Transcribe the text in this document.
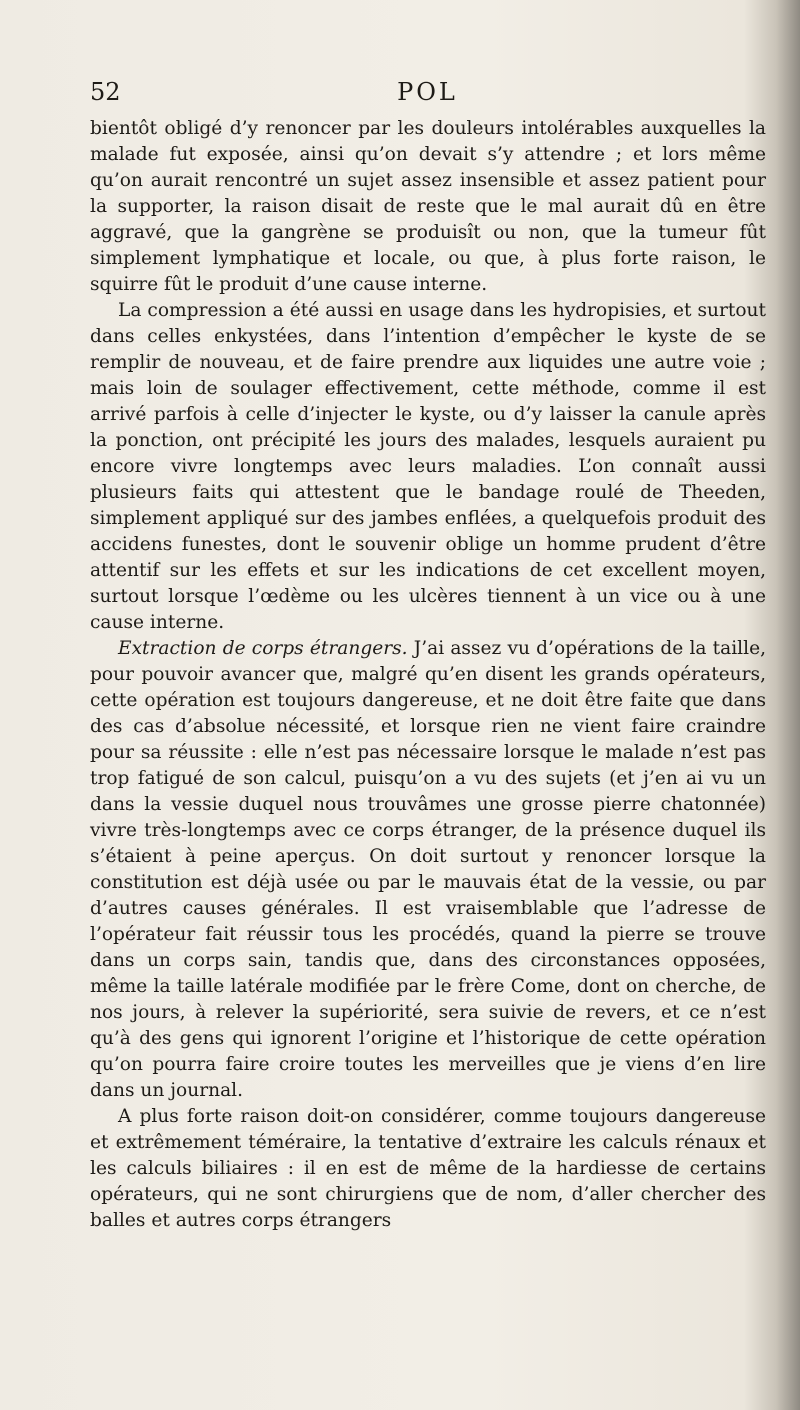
52	POL

bientôt obligé d’y renoncer par les douleurs intolérables auxquelles la malade fut exposée, ainsi qu’on devait s’y attendre ; et lors même qu’on aurait rencontré un sujet assez insensible et assez patient pour la supporter, la raison disait de reste que le mal aurait dû en être aggravé, que la gangrène se produisît ou non, que la tumeur fût simplement lymphatique et locale, ou que, à plus forte raison, le squirre fût le produit d’une cause interne.

La compression a été aussi en usage dans les hydropisies, et surtout dans celles enkystées, dans l’intention d’empêcher le kyste de se remplir de nouveau, et de faire prendre aux liquides une autre voie ; mais loin de soulager effectivement, cette méthode, comme il est arrivé parfois à celle d’injecter le kyste, ou d’y laisser la canule après la ponction, ont précipité les jours des malades, lesquels auraient pu encore vivre longtemps avec leurs maladies. L’on connaît aussi plusieurs faits qui attestent que le bandage roulé de Theeden, simplement appliqué sur des jambes enflées, a quelquefois produit des accidens funestes, dont le souvenir oblige un homme prudent d’être attentif sur les effets et sur les indications de cet excellent moyen, surtout lorsque l’œdème ou les ulcères tiennent à un vice ou à une cause interne.

Extraction de corps étrangers. J’ai assez vu d’opérations de la taille, pour pouvoir avancer que, malgré qu’en disent les grands opérateurs, cette opération est toujours dangereuse, et ne doit être faite que dans des cas d’absolue nécessité, et lorsque rien ne vient faire craindre pour sa réussite : elle n’est pas nécessaire lorsque le malade n’est pas trop fatigué de son calcul, puisqu’on a vu des sujets (et j’en ai vu un dans la vessie duquel nous trouvâmes une grosse pierre chatonnée) vivre très-longtemps avec ce corps étranger, de la présence duquel ils s’étaient à peine aperçus. On doit surtout y renoncer lorsque la constitution est déjà usée ou par le mauvais état de la vessie, ou par d’autres causes générales. Il est vraisemblable que l’adresse de l’opérateur fait réussir tous les procédés, quand la pierre se trouve dans un corps sain, tandis que, dans des circonstances opposées, même la taille latérale modifiée par le frère Come, dont on cherche, de nos jours, à relever la supériorité, sera suivie de revers, et ce n’est qu’à des gens qui ignorent l’origine et l’historique de cette opération qu’on pourra faire croire toutes les merveilles que je viens d’en lire dans un journal.

A plus forte raison doit-on considérer, comme toujours dangereuse et extrêmement téméraire, la tentative d’extraire les calculs rénaux et les calculs biliaires : il en est de même de la hardiesse de certains opérateurs, qui ne sont chirurgiens que de nom, d’aller chercher des balles et autres corps étrangers
